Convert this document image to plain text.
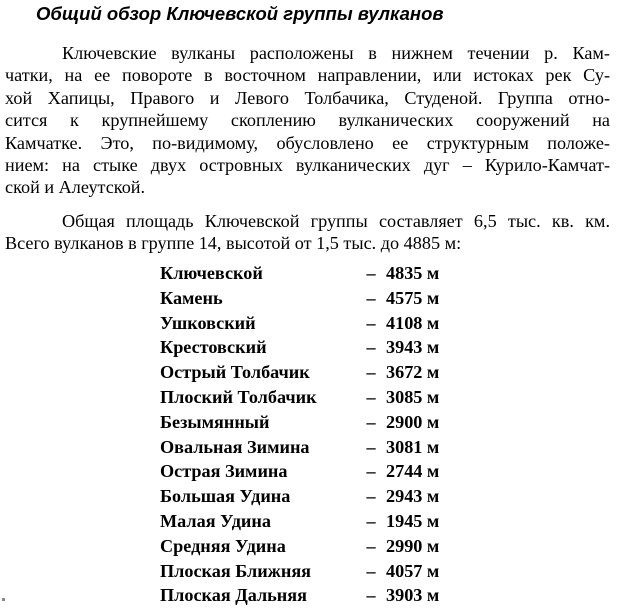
Общий обзор Ключевской группы вулканов

Ключевские вулканы расположены в нижнем течении р. Кам-
чатки, на ее повороте в восточном направлении, или истоках рек Су-
хой Хапицы, Правого и Левого Толбачика, Студеной. Группа отно-
сится к крупнейшему скоплению вулканических сооружений на
Камчатке. Это, по-видимому, обусловлено ее структурным положе-
нием: на стыке двух островных вулканических дуг – Курило-Камчат-
ской и Алеутской.

Общая площадь Ключевской группы составляет 6,5 тыс. кв. км.
Всего вулканов в группе 14, высотой от 1,5 тыс. до 4885 м:

Ключевской	–	4835 м
Камень	–	4575 м
Ушковский	–	4108 м
Крестовский	–	3943 м
Острый Толбачик	–	3672 м
Плоский Толбачик	–	3085 м
Безымянный	–	2900 м
Овальная Зимина	–	3081 м
Острая Зимина	–	2744 м
Большая Удина	–	2943 м
Малая Удина	–	1945 м
Средняя Удина	–	2990 м
Плоская Ближняя	–	4057 м
Плоская Дальняя	–	3903 м
